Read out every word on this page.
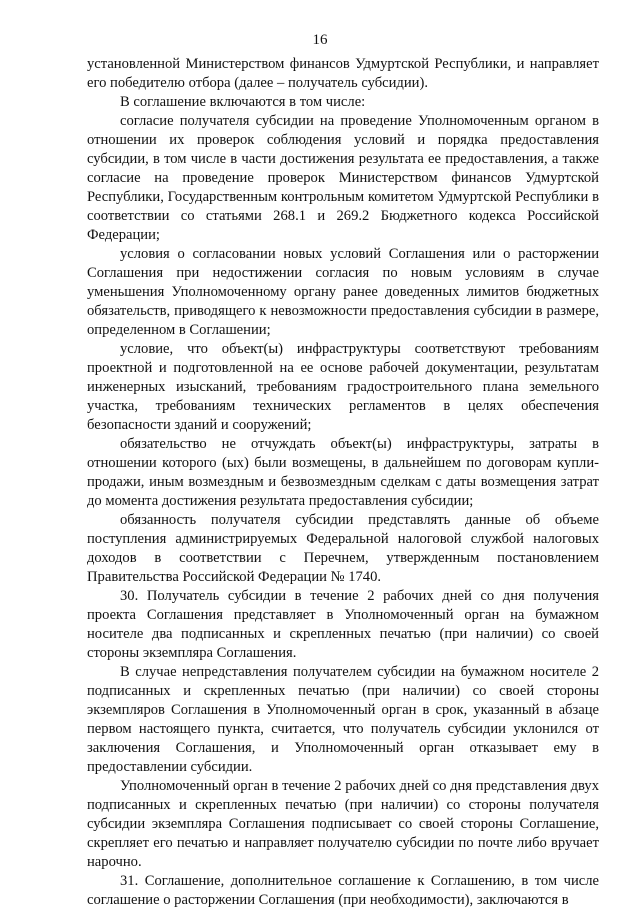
16

установленной Министерством финансов Удмуртской Республики, и направляет его победителю отбора (далее – получатель субсидии).

В соглашение включаются в том числе:

согласие получателя субсидии на проведение Уполномоченным органом в отношении их проверок соблюдения условий и порядка предоставления субсидии, в том числе в части достижения результата ее предоставления, а также согласие на проведение проверок Министерством финансов Удмуртской Республики, Государственным контрольным комитетом Удмуртской Республики в соответствии со статьями 268.1 и 269.2 Бюджетного кодекса Российской Федерации;

условия о согласовании новых условий Соглашения или о расторжении Соглашения при недостижении согласия по новым условиям в случае уменьшения Уполномоченному органу ранее доведенных лимитов бюджетных обязательств, приводящего к невозможности предоставления субсидии в размере, определенном в Соглашении;

условие, что объект(ы) инфраструктуры соответствуют требованиям проектной и подготовленной на ее основе рабочей документации, результатам инженерных изысканий, требованиям градостроительного плана земельного участка, требованиям технических регламентов в целях обеспечения безопасности зданий и сооружений;

обязательство не отчуждать объект(ы) инфраструктуры, затраты в отношении которого (ых) были возмещены, в дальнейшем по договорам купли-продажи, иным возмездным и безвозмездным сделкам с даты возмещения затрат до момента достижения результата предоставления субсидии;

обязанность получателя субсидии представлять данные об объеме поступления администрируемых Федеральной налоговой службой налоговых доходов в соответствии с Перечнем, утвержденным постановлением Правительства Российской Федерации № 1740.

30. Получатель субсидии в течение 2 рабочих дней со дня получения проекта Соглашения представляет в Уполномоченный орган на бумажном носителе два подписанных и скрепленных печатью (при наличии) со своей стороны экземпляра Соглашения.

В случае непредставления получателем субсидии на бумажном носителе 2 подписанных и скрепленных печатью (при наличии) со своей стороны экземпляров Соглашения в Уполномоченный орган в срок, указанный в абзаце первом настоящего пункта, считается, что получатель субсидии уклонился от заключения Соглашения, и Уполномоченный орган отказывает ему в предоставлении субсидии.

Уполномоченный орган в течение 2 рабочих дней со дня представления двух подписанных и скрепленных печатью (при наличии) со стороны получателя субсидии экземпляра Соглашения подписывает со своей стороны Соглашение, скрепляет его печатью и направляет получателю субсидии по почте либо вручает нарочно.

31. Соглашение, дополнительное соглашение к Соглашению, в том числе соглашение о расторжении Соглашения (при необходимости), заключаются в
